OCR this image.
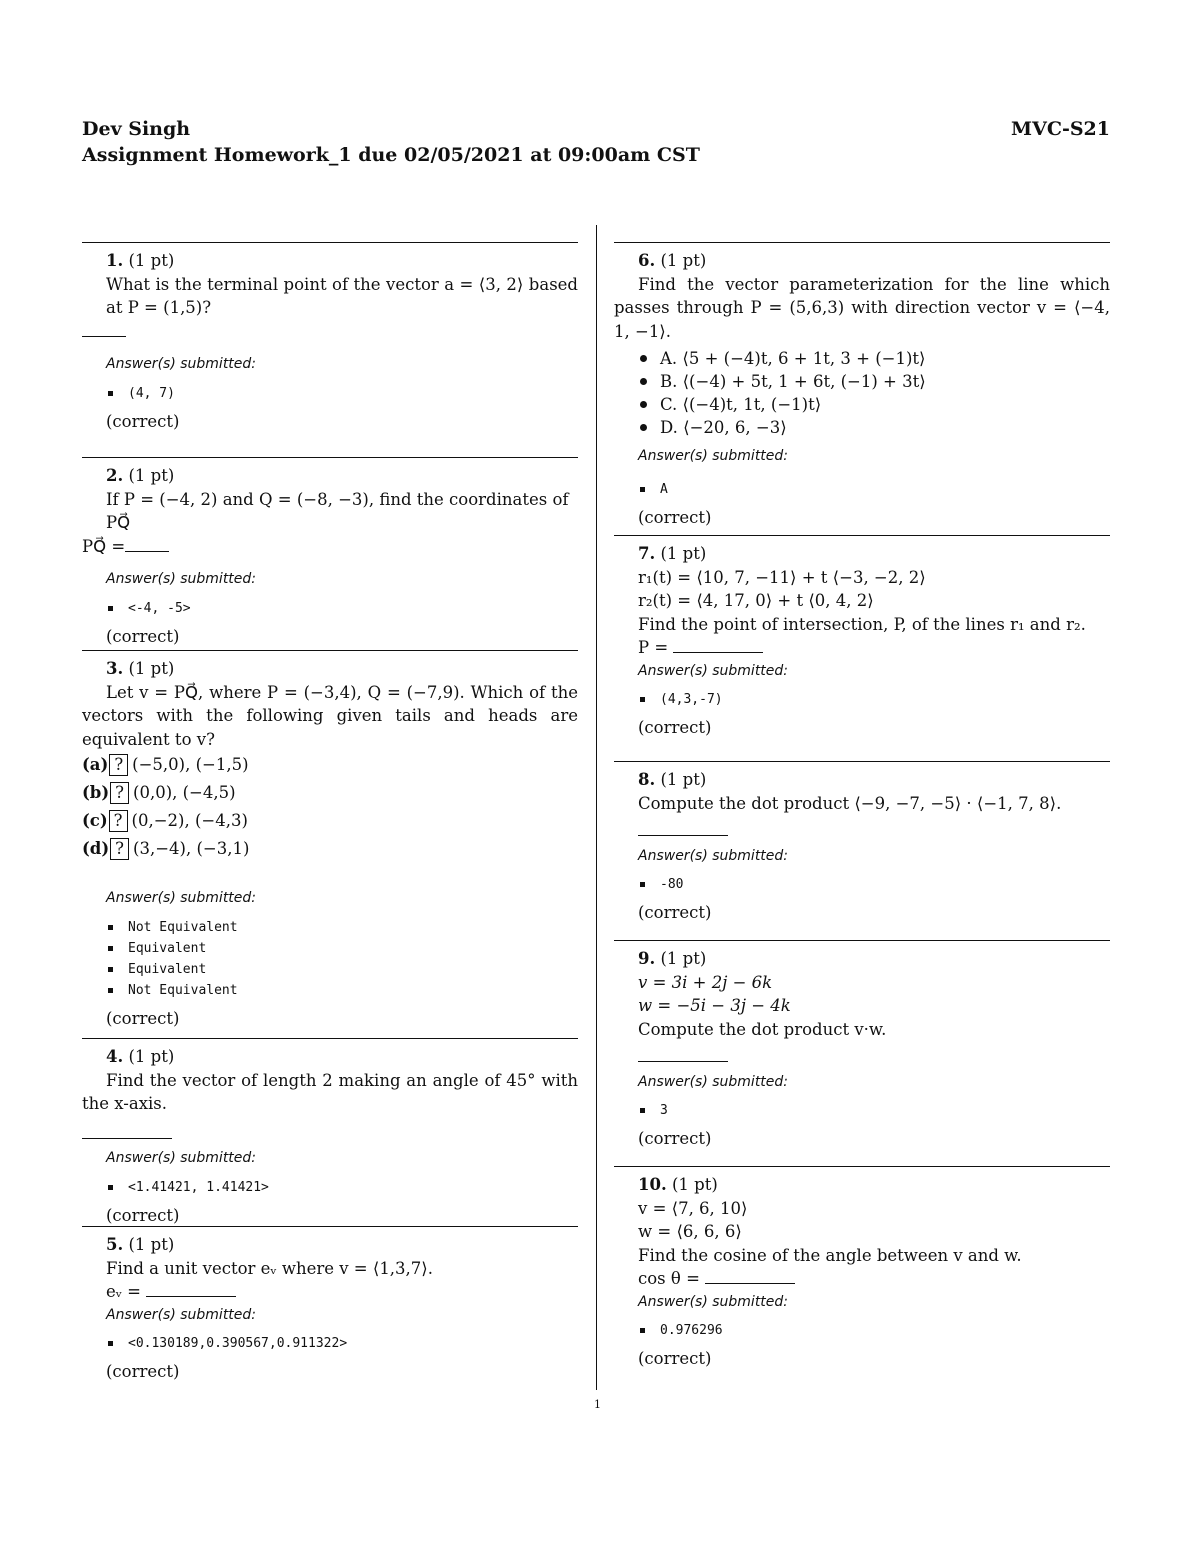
Dev Singh	MVC-S21
Assignment Homework_1 due 02/05/2021 at 09:00am CST
1. (1 pt)
What is the terminal point of the vector a = ⟨3, 2⟩ based at P = (1,5)?
Answer(s) submitted:
(4, 7)
(correct)
2. (1 pt)
If P = (−4, 2) and Q = (−8, −3), find the coordinates of PQ⃗
PQ⃗ =
Answer(s) submitted:
<-4, -5>
(correct)
3. (1 pt)
Let v = PQ⃗, where P = (−3,4), Q = (−7,9). Which of the vectors with the following given tails and heads are equivalent to v?
(a) ? (−5,0), (−1,5)
(b) ? (0,0), (−4,5)
(c) ? (0,−2), (−4,3)
(d) ? (3,−4), (−3,1)
Answer(s) submitted:
Not Equivalent
Equivalent
Equivalent
Not Equivalent
(correct)
4. (1 pt)
Find the vector of length 2 making an angle of 45° with the x-axis.
Answer(s) submitted:
<1.41421, 1.41421>
(correct)
5. (1 pt)
Find a unit vector eᵥ where v = ⟨1,3,7⟩.
eᵥ =
Answer(s) submitted:
<0.130189,0.390567,0.911322>
(correct)
6. (1 pt)
Find the vector parameterization for the line which passes through P = (5,6,3) with direction vector v = ⟨−4, 1, −1⟩.
A. ⟨5 + (−4)t, 6 + 1t, 3 + (−1)t⟩
B. ⟨(−4) + 5t, 1 + 6t, (−1) + 3t⟩
C. ⟨(−4)t, 1t, (−1)t⟩
D. ⟨−20, 6, −3⟩
Answer(s) submitted:
A
(correct)
7. (1 pt)
r₁(t) = ⟨10, 7, −11⟩ + t ⟨−3, −2, 2⟩
r₂(t) = ⟨4, 17, 0⟩ + t ⟨0, 4, 2⟩
Find the point of intersection, P, of the lines r₁ and r₂.
P =
Answer(s) submitted:
(4,3,-7)
(correct)
8. (1 pt)
Compute the dot product ⟨−9, −7, −5⟩ · ⟨−1, 7, 8⟩.
Answer(s) submitted:
-80
(correct)
9. (1 pt)
v = 3i + 2j − 6k
w = −5i − 3j − 4k
Compute the dot product v·w.
Answer(s) submitted:
3
(correct)
10. (1 pt)
v = ⟨7, 6, 10⟩
w = ⟨6, 6, 6⟩
Find the cosine of the angle between v and w.
cos θ =
Answer(s) submitted:
0.976296
(correct)
1
